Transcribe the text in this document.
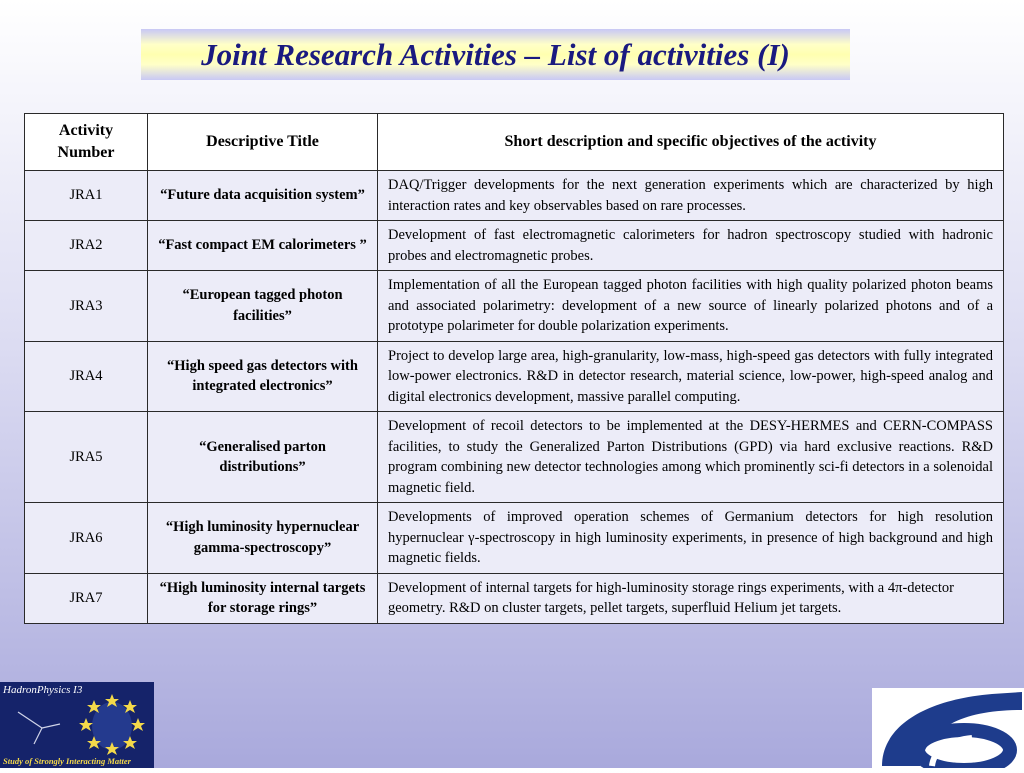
Joint Research Activities – List of activities (I)
Activity Number	Descriptive Title	Short description and specific objectives of the activity
JRA1	“Future data acquisition system”	DAQ/Trigger developments for the next generation experiments which are characterized by high interaction rates and key observables based on rare processes.
JRA2	“Fast compact EM calorimeters ”	Development of fast electromagnetic calorimeters for hadron spectroscopy studied with hadronic probes and electromagnetic probes.
JRA3	“European tagged photon facilities”	Implementation of all the European tagged photon facilities with high quality polarized photon beams and associated polarimetry: development of a new source of linearly polarized photons and of a prototype polarimeter for double polarization experiments.
JRA4	“High speed gas detectors with integrated electronics”	Project to develop large area, high-granularity, low-mass, high-speed gas detectors with fully integrated low-power electronics. R&D in detector research, material science, low-power, high-speed analog and digital electronics development, massive parallel computing.
JRA5	“Generalised parton distributions”	Development of recoil detectors to be implemented at the DESY-HERMES and CERN-COMPASS facilities, to study the Generalized Parton Distributions (GPD) via hard exclusive reactions. R&D program combining new detector technologies among which prominently sci-fi detectors in a solenoidal magnetic field.
JRA6	“High luminosity hypernuclear gamma-spectroscopy”	Developments of improved operation schemes of Germanium detectors for high resolution hypernuclear γ-spectroscopy in high luminosity experiments, in presence of high background and high magnetic fields.
JRA7	“High luminosity internal targets for storage rings”	Development of internal targets for high-luminosity storage rings experiments, with a 4π-detector geometry. R&D on cluster targets, pellet targets, superfluid Helium jet targets.
HadronPhysics I3
Study of Strongly Interacting Matter
